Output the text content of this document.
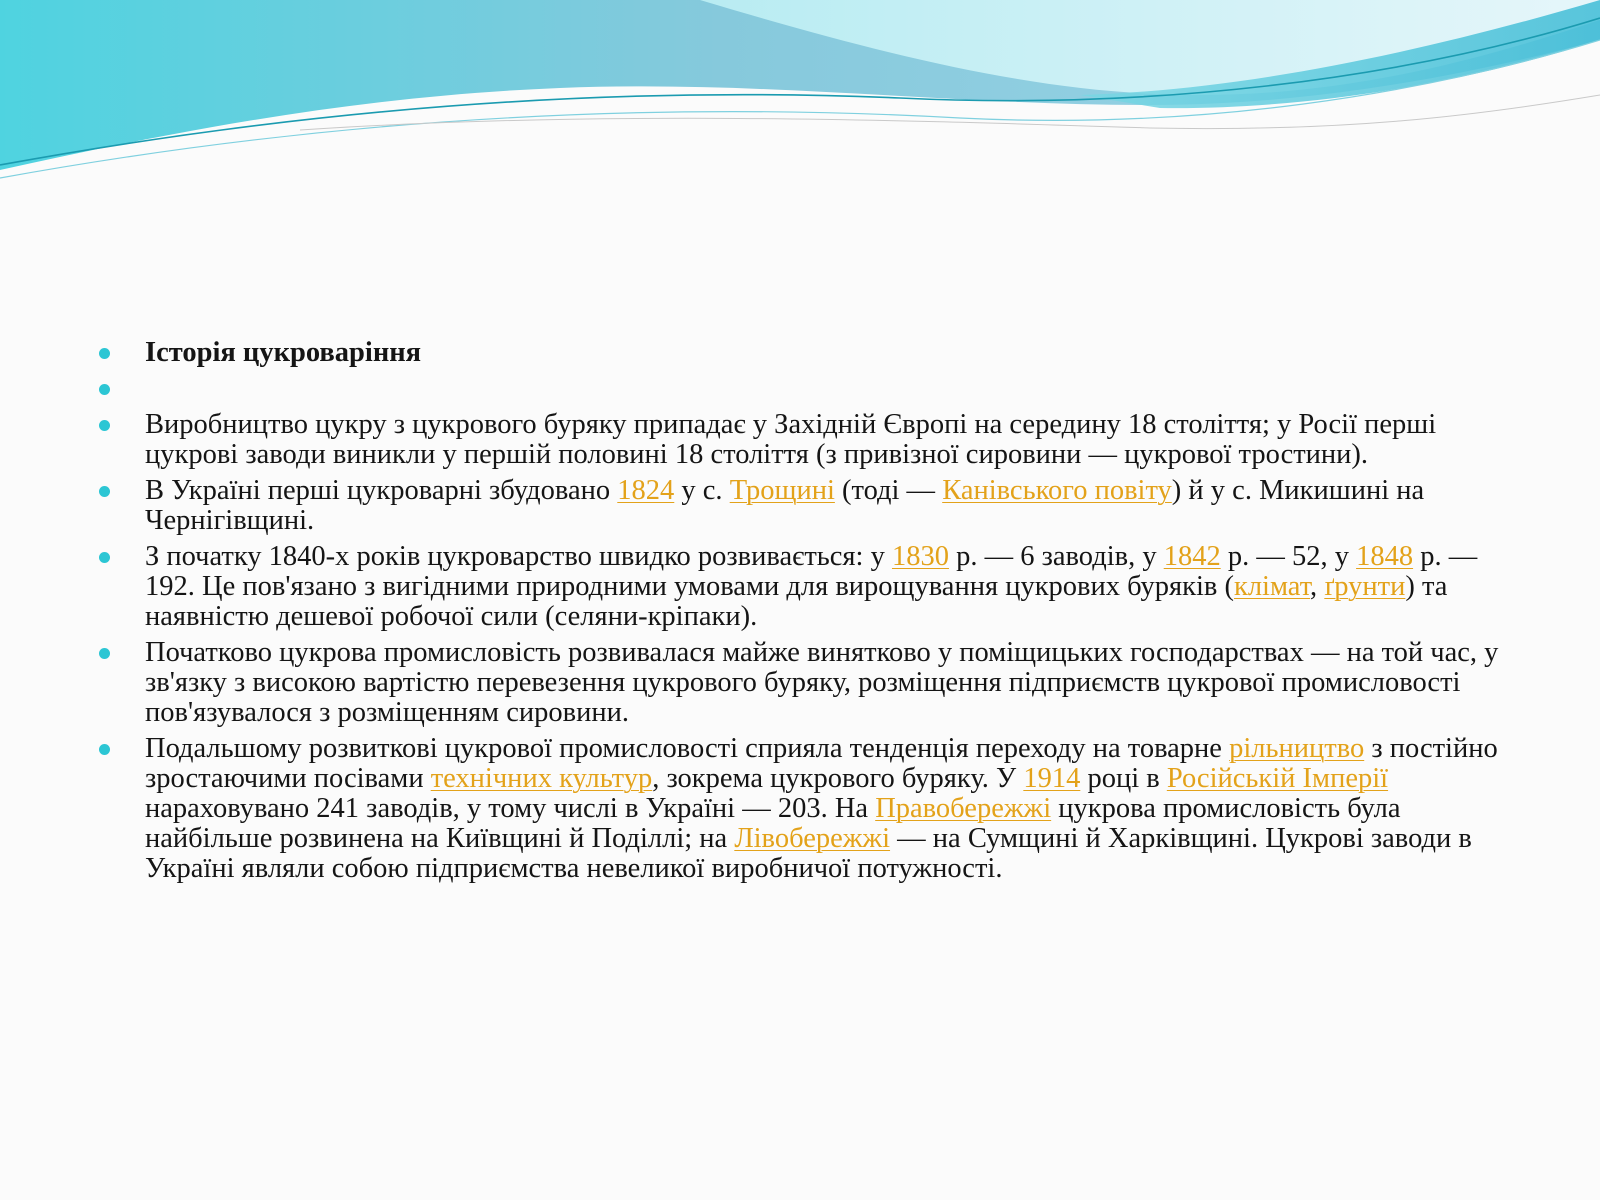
Історія цукроваріння
Виробництво цукру з цукрового буряку припадає у Західній Європі на середину 18 століття; у Росії перші цукрові заводи виникли у першій половині 18 століття (з привізної сировини — цукрової тростини).
В Україні перші цукроварні збудовано 1824 у с. Трощині (тоді — Канівського повіту) й у с. Микишині на Чернігівщині.
З початку 1840-х років цукроварство швидко розвивається: у 1830 р. — 6 заводів, у 1842 р. — 52, у 1848 р. — 192. Це пов'язано з вигідними природними умовами для вирощування цукрових буряків (клімат, ґрунти) та наявністю дешевої робочої сили (селяни-кріпаки).
Початково цукрова промисловість розвивалася майже винятково у поміщицьких господарствах — на той час, у зв'язку з високою вартістю перевезення цукрового буряку, розміщення підприємств цукрової промисловості пов'язувалося з розміщенням сировини.
Подальшому розвиткові цукрової промисловості сприяла тенденція переходу на товарне рільництво з постійно зростаючими посівами технічних культур, зокрема цукрового буряку. У 1914 році в Російській Імперії нараховувано 241 заводів, у тому числі в Україні — 203. На Правобережжі цукрова промисловість була найбільше розвинена на Київщині й Поділлі; на Лівобережжі — на Сумщині й Харківщині. Цукрові заводи в Україні являли собою підприємства невеликої виробничої потужності.
